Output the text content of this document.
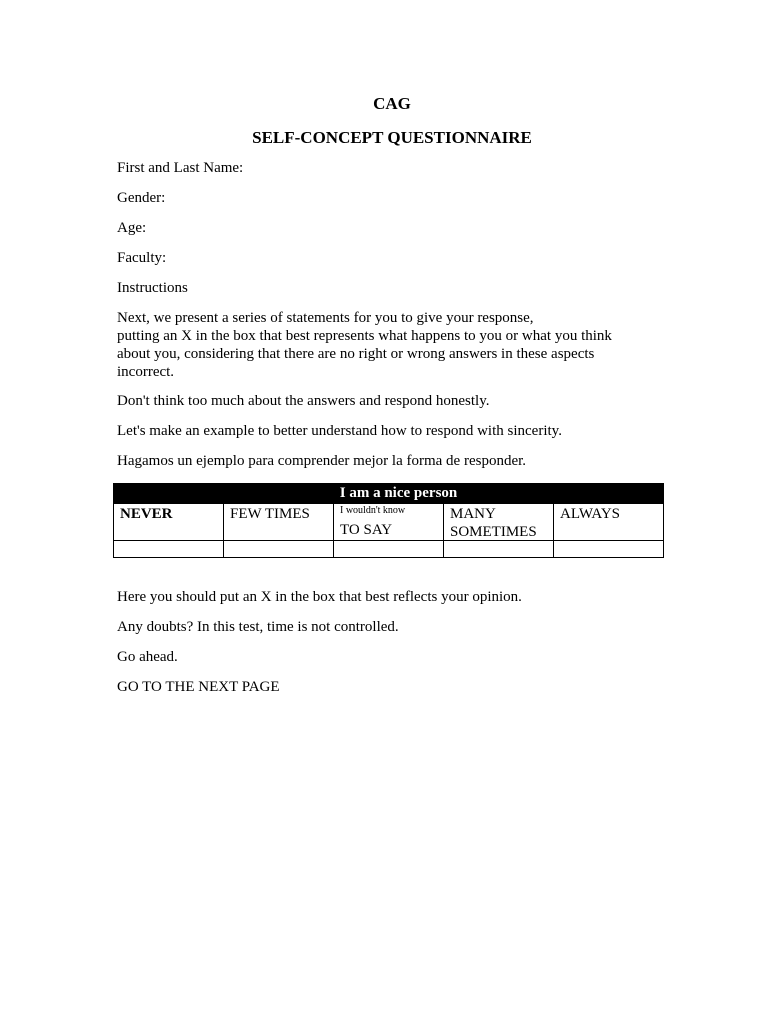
CAG
SELF-CONCEPT QUESTIONNAIRE
First and Last Name:
Gender:
Age:
Faculty:
Instructions
Next, we present a series of statements for you to give your response,
putting an X in the box that best represents what happens to you or what you think
about you, considering that there are no right or wrong answers in these aspects
incorrect.
Don't think too much about the answers and respond honestly.
Let's make an example to better understand how to respond with sincerity.
Hagamos un ejemplo para comprender mejor la forma de responder.
I am a nice person
NEVER	FEW TIMES	I wouldn't know
TO SAY
MANY
SOMETIMES
ALWAYS
Here you should put an X in the box that best reflects your opinion.
Any doubts? In this test, time is not controlled.
Go ahead.
GO TO THE NEXT PAGE
